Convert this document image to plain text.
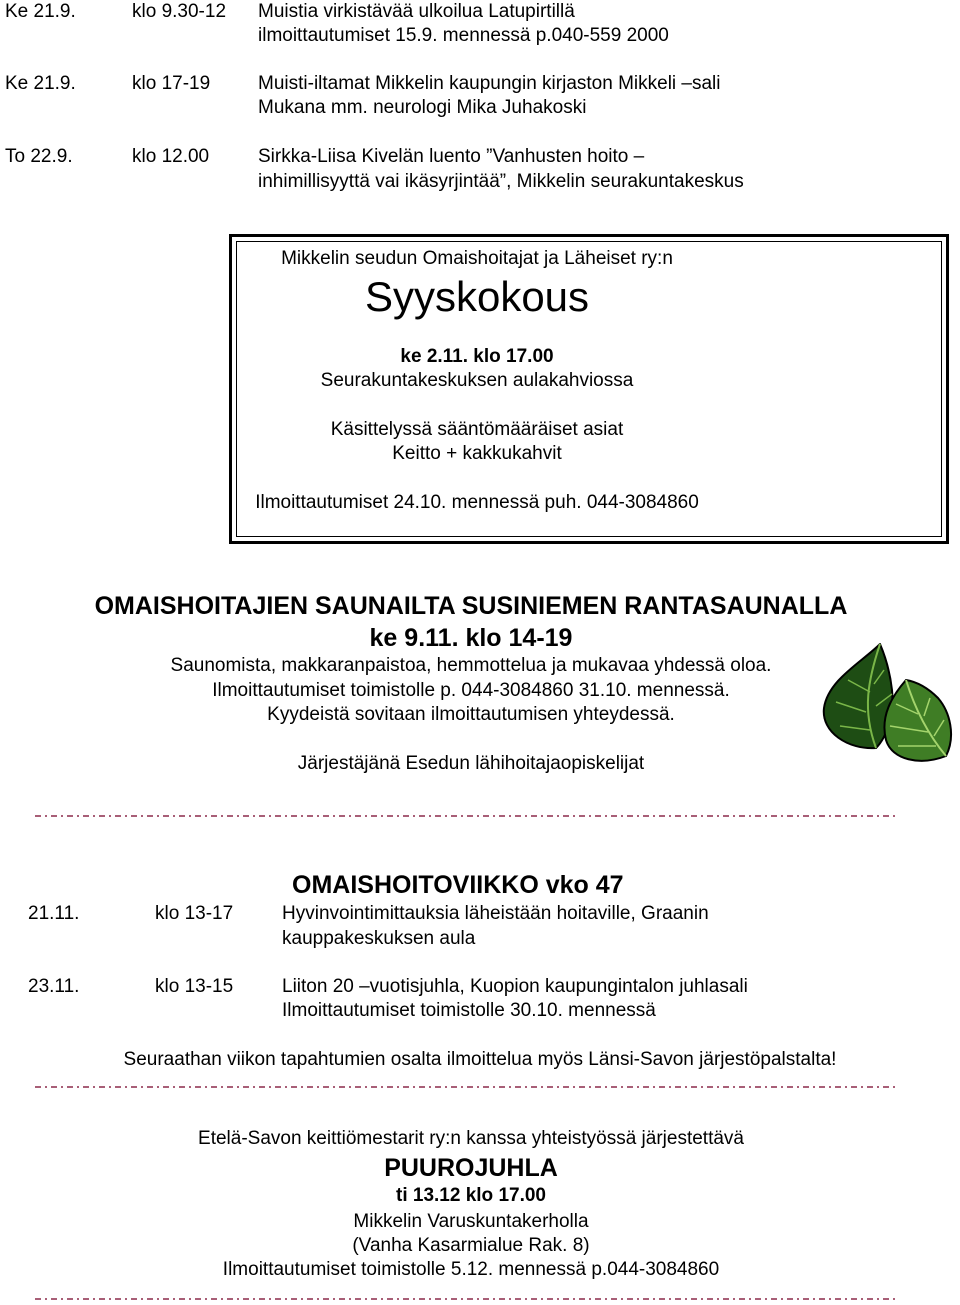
Ke 21.9.	klo 9.30-12 Muistia virkistävää ulkoilua Latupirtillä
ilmoittautumiset 15.9. mennessä p.040-559 2000
Ke 21.9.	klo 17-19	Muisti-iltamat Mikkelin kaupungin kirjaston Mikkeli –sali
Mukana mm. neurologi Mika Juhakoski
To 22.9.	klo 12.00	Sirkka-Liisa Kivelän luento ”Vanhusten hoito –
inhimillisyyttä vai ikäsyrjintää”, Mikkelin seurakuntakeskus
Mikkelin seudun Omaishoitajat ja Läheiset ry:n
Syyskokous
ke 2.11. klo 17.00
Seurakuntakeskuksen aulakahviossa
Käsittelyssä sääntömääräiset asiat
Keitto + kakkukahvit
Ilmoittautumiset 24.10. mennessä puh. 044-3084860
OMAISHOITAJIEN SAUNAILTA SUSINIEMEN RANTASAUNALLA
ke 9.11. klo 14-19
Saunomista, makkaranpaistoa, hemmottelua ja mukavaa yhdessä oloa.
Ilmoittautumiset toimistolle p. 044-3084860 31.10. mennessä.
Kyydeistä sovitaan ilmoittautumisen yhteydessä.
Järjestäjänä Esedun lähihoitajaopiskelijat
OMAISHOITOVIIKKO vko 47
21.11.	klo 13-17	Hyvinvointimittauksia läheistään hoitaville, Graanin
kauppakeskuksen aula
23.11.	klo 13-15	Liiton 20 –vuotisjuhla, Kuopion kaupungintalon juhlasali
Ilmoittautumiset toimistolle 30.10. mennessä
Seuraathan viikon tapahtumien osalta ilmoittelua myös Länsi-Savon järjestöpalstalta!
Etelä-Savon keittiömestarit ry:n kanssa yhteistyössä järjestettävä
PUUROJUHLA
ti 13.12 klo 17.00
Mikkelin Varuskuntakerholla
(Vanha Kasarmialue Rak. 8)
Ilmoittautumiset toimistolle 5.12. mennessä p.044-3084860
